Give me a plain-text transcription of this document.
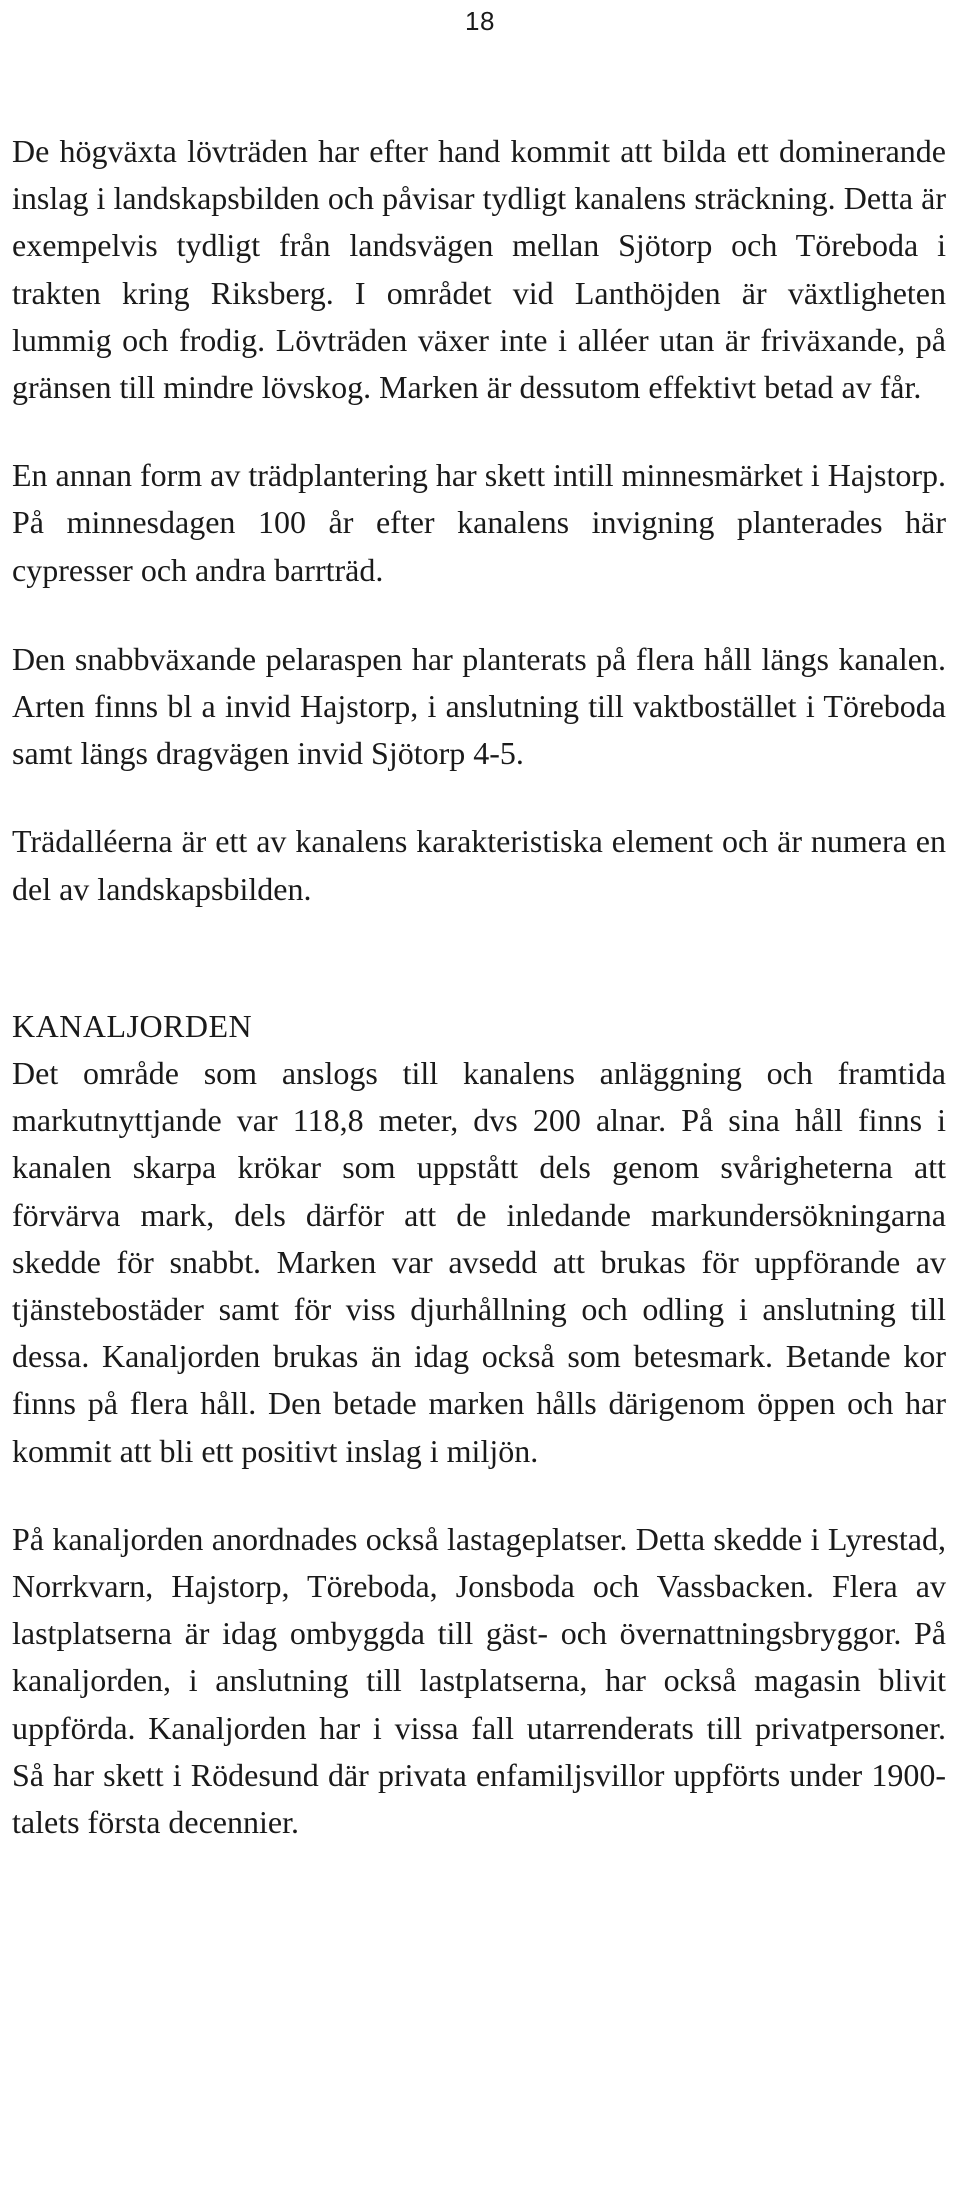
18

De högväxta lövträden har efter hand kommit att bilda ett dominerande inslag i landskapsbilden och påvisar tydligt kanalens sträckning. Detta är exempelvis tydligt från landsvägen mellan Sjötorp och Töreboda i trakten kring Riksberg. I området vid Lanthöjden är växtligheten lummig och frodig. Lövträden växer inte i alléer utan är friväxande, på gränsen till mindre lövskog. Marken är dessutom effektivt betad av får.

En annan form av trädplantering har skett intill minnesmärket i Hajstorp. På minnesdagen 100 år efter kanalens invigning planterades här cypresser och andra barrträd.

Den snabbväxande pelaraspen har planterats på flera håll längs kanalen. Arten finns bl a invid Hajstorp, i anslutning till vaktbostället i Töreboda samt längs dragvägen invid Sjötorp 4-5.

Trädalléerna är ett av kanalens karakteristiska element och är numera en del av landskapsbilden.

KANALJORDEN

Det område som anslogs till kanalens anläggning och framtida markutnyttjande var 118,8 meter, dvs 200 alnar. På sina håll finns i kanalen skarpa krökar som uppstått dels genom svårigheterna att förvärva mark, dels därför att de inledande markundersökningarna skedde för snabbt. Marken var avsedd att brukas för uppförande av tjänstebostäder samt för viss djurhållning och odling i anslutning till dessa. Kanaljorden brukas än idag också som betesmark. Betande kor finns på flera håll. Den betade marken hålls därigenom öppen och har kommit att bli ett positivt inslag i miljön.

På kanaljorden anordnades också lastageplatser. Detta skedde i Lyrestad, Norrkvarn, Hajstorp, Töreboda, Jonsboda och Vassbacken. Flera av lastplatserna är idag ombyggda till gäst- och övernattningsbryggor. På kanaljorden, i anslutning till lastplatserna, har också magasin blivit uppförda. Kanaljorden har i vissa fall utarrenderats till privatpersoner. Så har skett i Rödesund där privata enfamiljsvillor uppförts under 1900-talets första decennier.
